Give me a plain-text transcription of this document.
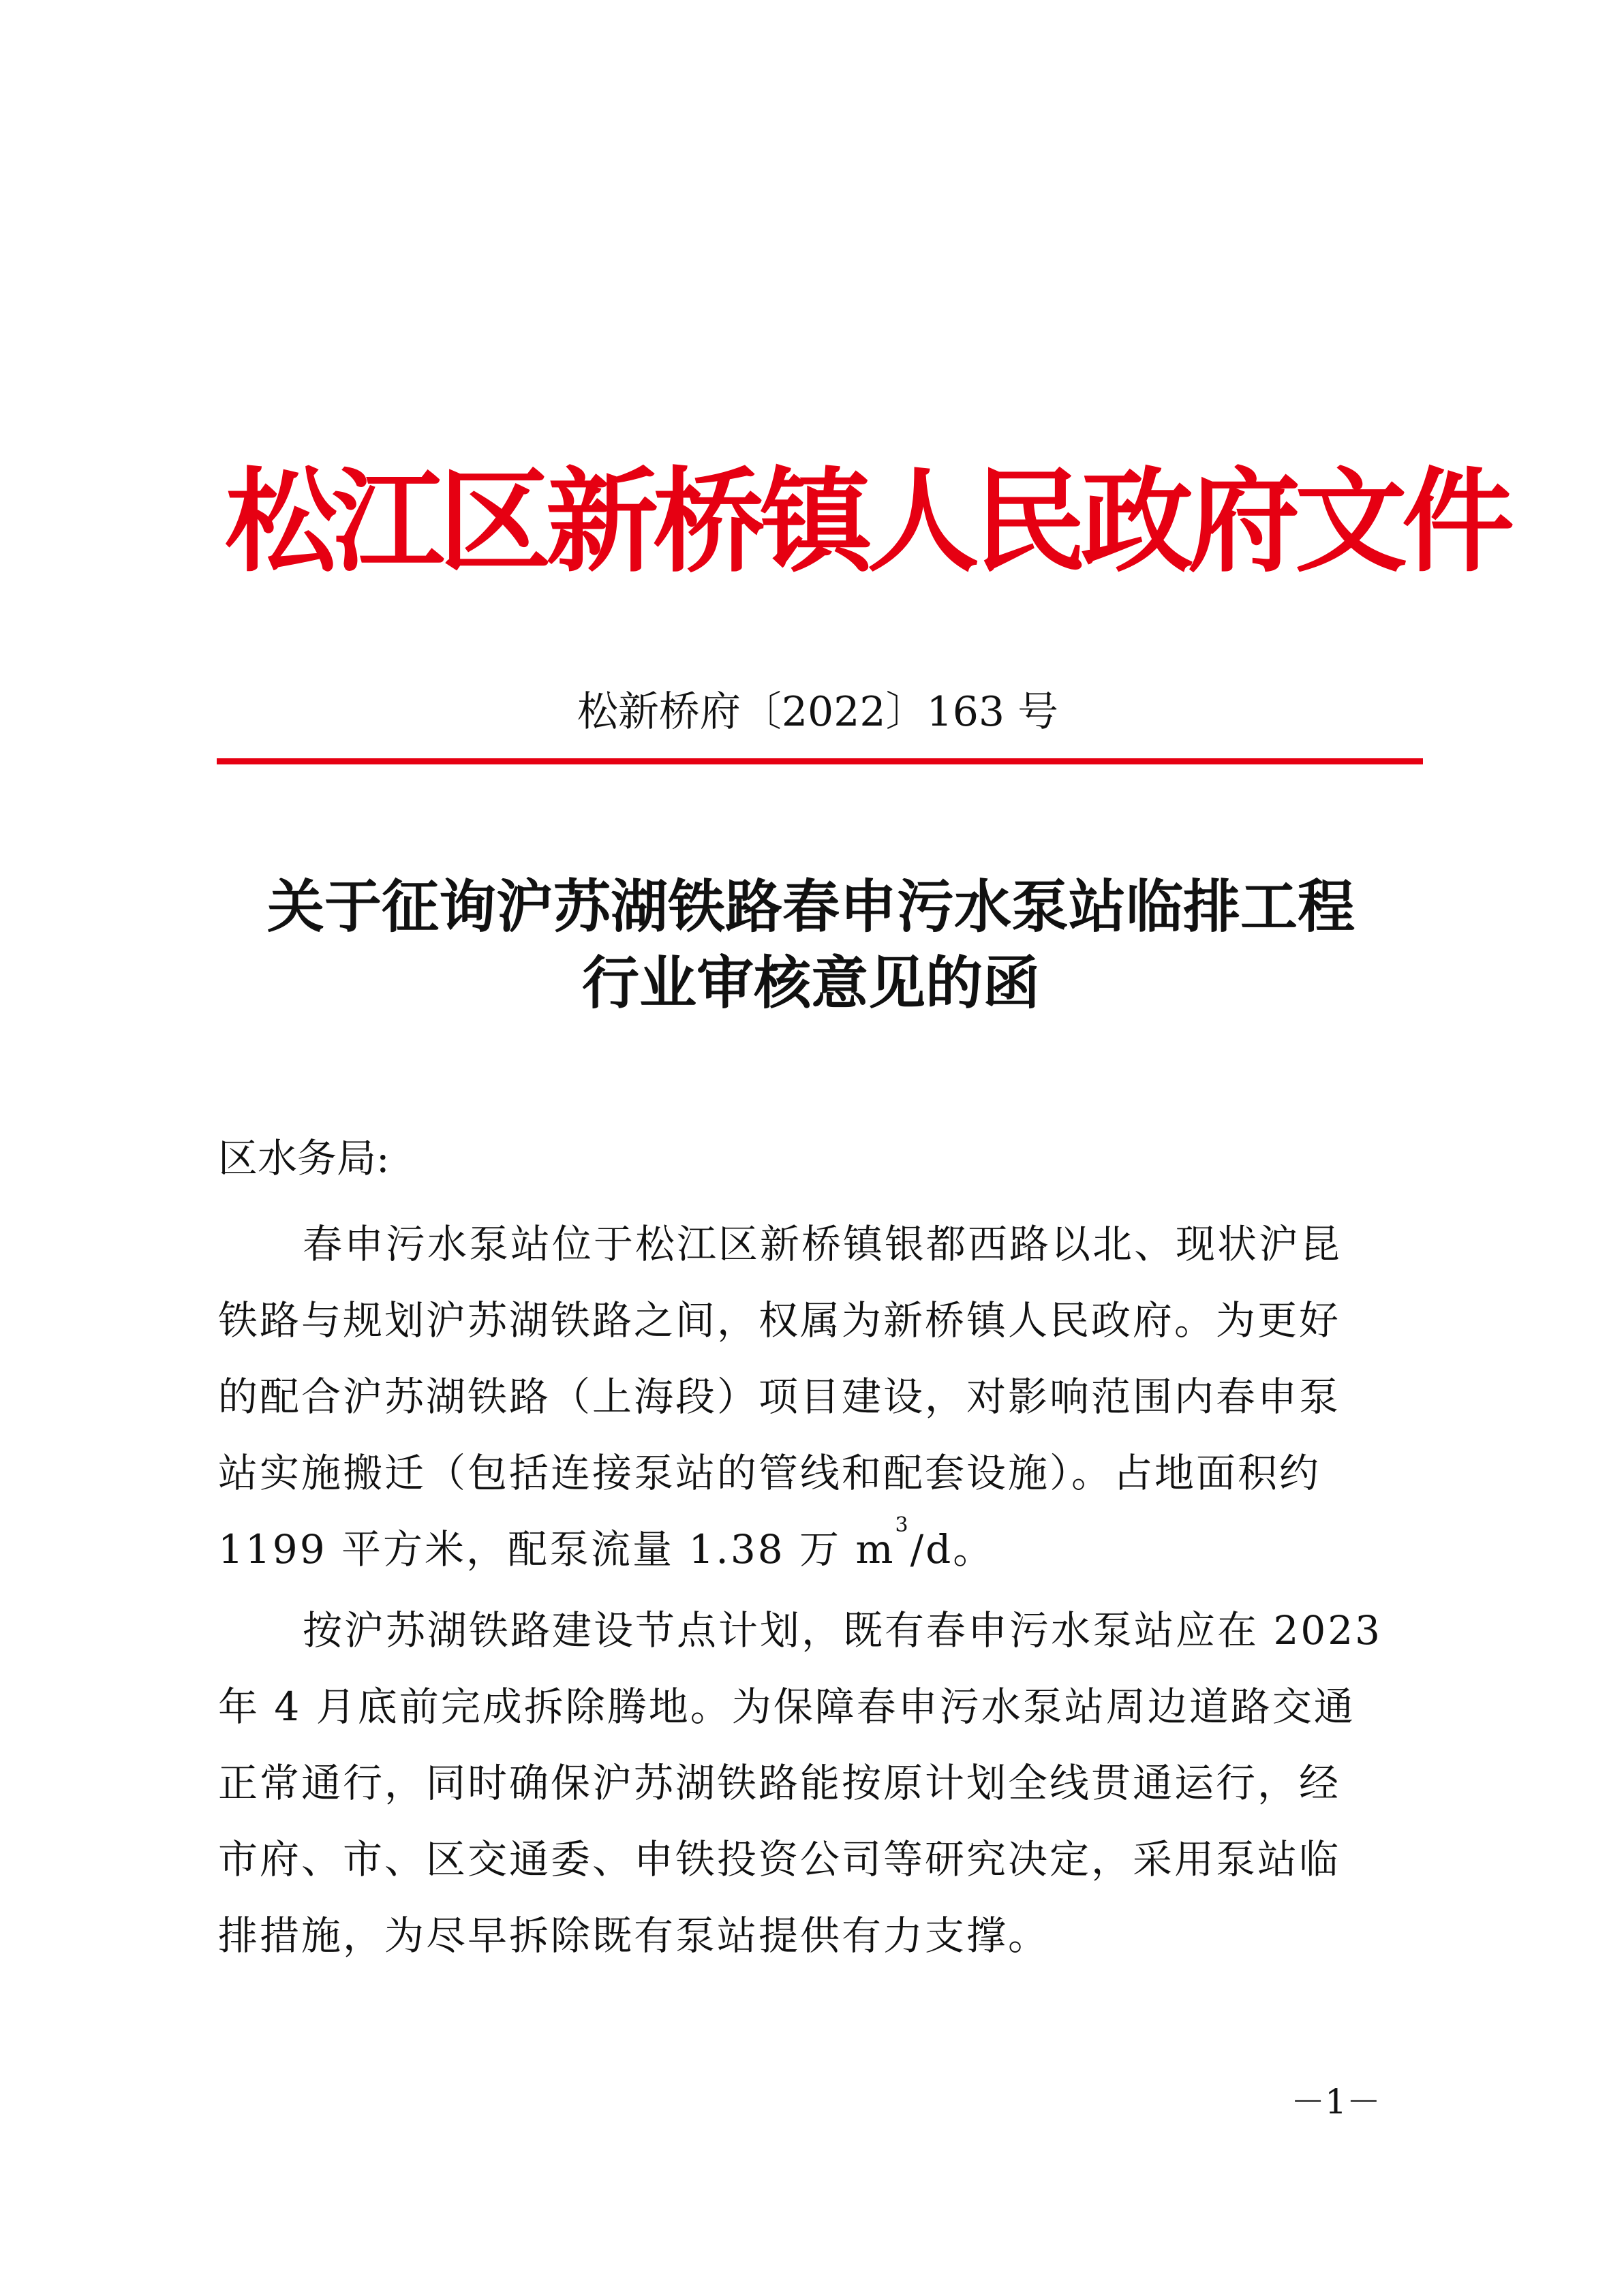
松江区新桥镇人民政府文件
松新桥府〔2022〕163 号
关于征询沪苏湖铁路春申污水泵站临排工程
行业审核意见的函
区水务局:
春申污水泵站位于松江区新桥镇银都西路以北、现状沪昆
铁路与规划沪苏湖铁路之间，权属为新桥镇人民政府。为更好
的配合沪苏湖铁路（上海段）项目建设，对影响范围内春申泵
站实施搬迁（包括连接泵站的管线和配套设施）。占地面积约
1199 平方米，配泵流量 1.38 万 $m^3/d$。
按沪苏湖铁路建设节点计划，既有春申污水泵站应在 2023
年 4 月底前完成拆除腾地。为保障春申污水泵站周边道路交通
正常通行，同时确保沪苏湖铁路能按原计划全线贯通运行，经
市府、市、区交通委、申铁投资公司等研究决定，采用泵站临
排措施，为尽早拆除既有泵站提供有力支撑。
－1－
